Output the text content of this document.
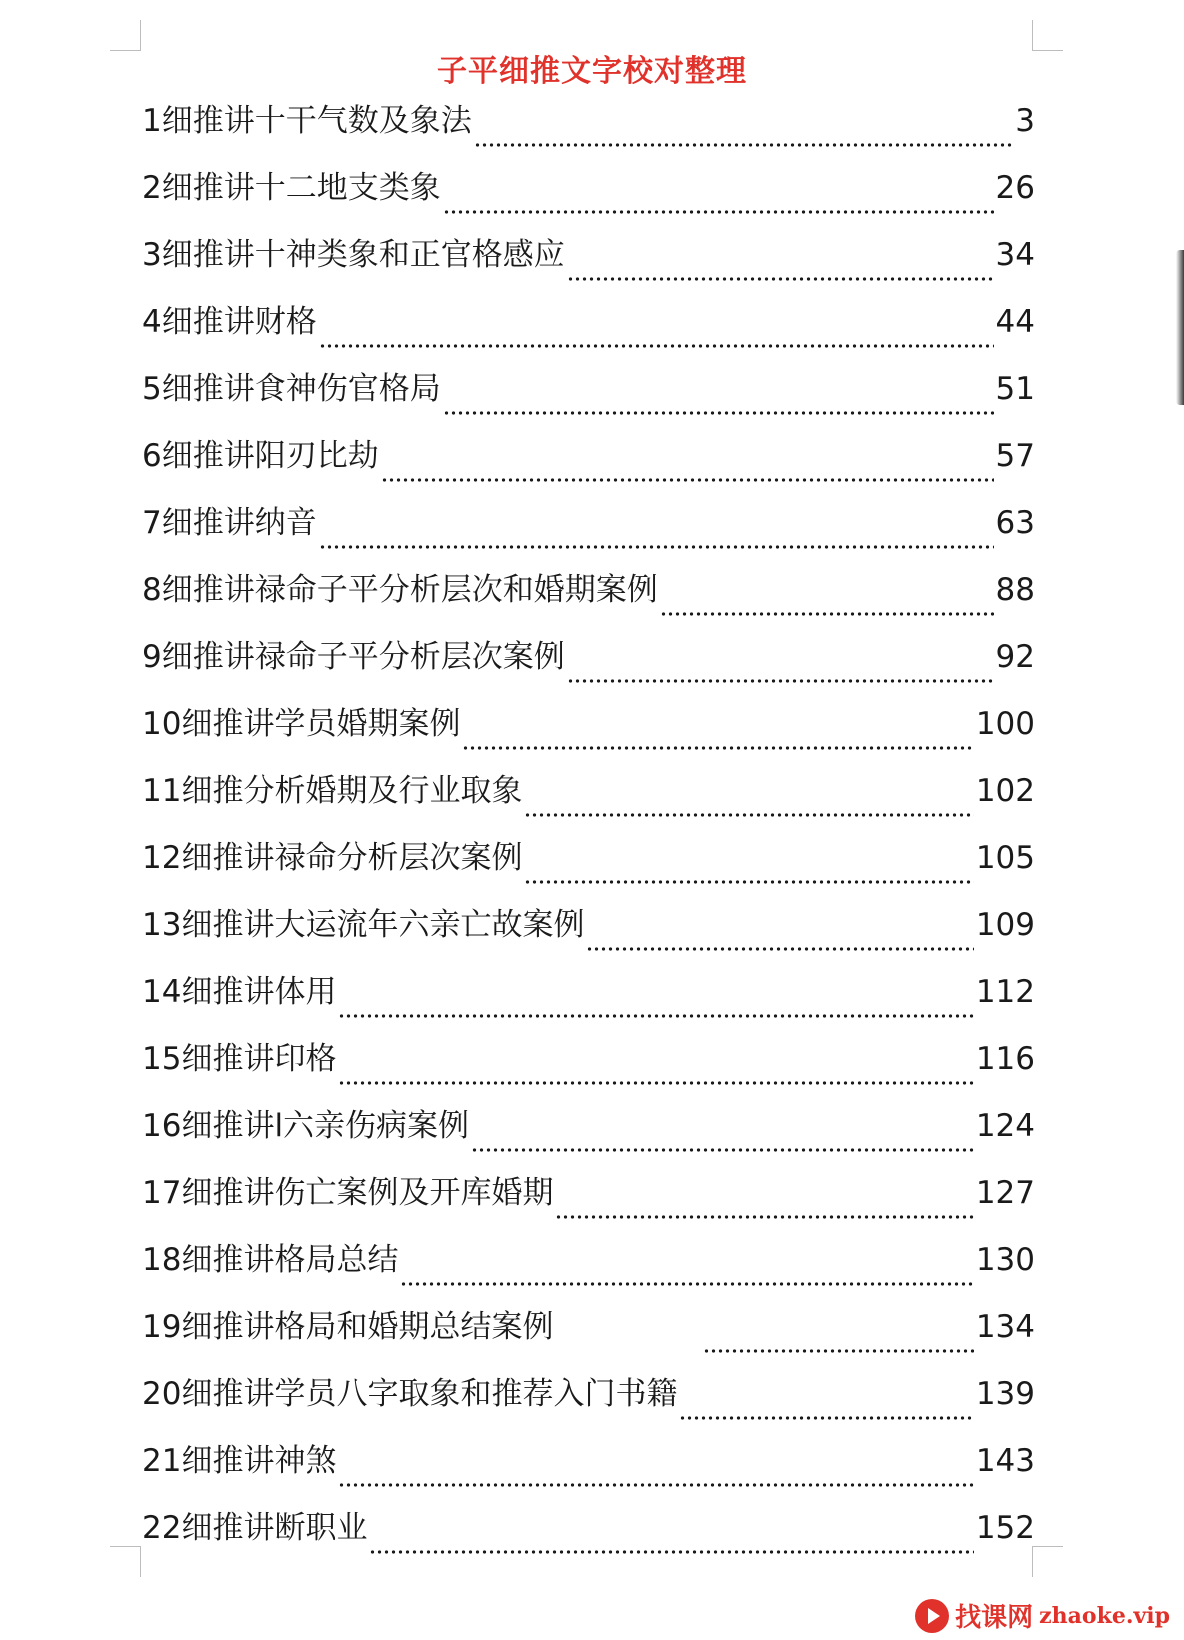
子平细推文字校对整理
1细推讲十干气数及象法	3
2细推讲十二地支类象	26
3细推讲十神类象和正官格感应	34
4细推讲财格	44
5细推讲食神伤官格局	51
6细推讲阳刃比劫	57
7细推讲纳音	63
8细推讲禄命子平分析层次和婚期案例	88
9细推讲禄命子平分析层次案例	92
10细推讲学员婚期案例	100
11细推分析婚期及行业取象	102
12细推讲禄命分析层次案例	105
13细推讲大运流年六亲亡故案例	109
14细推讲体用	112
15细推讲印格	116
16细推讲l六亲伤病案例	124
17细推讲伤亡案例及开库婚期	127
18细推讲格局总结	130
19细推讲格局和婚期总结案例	134
20细推讲学员八字取象和推荐入门书籍	139
21细推讲神煞	143
22细推讲断职业	152
找课网 zhaoke.vip
